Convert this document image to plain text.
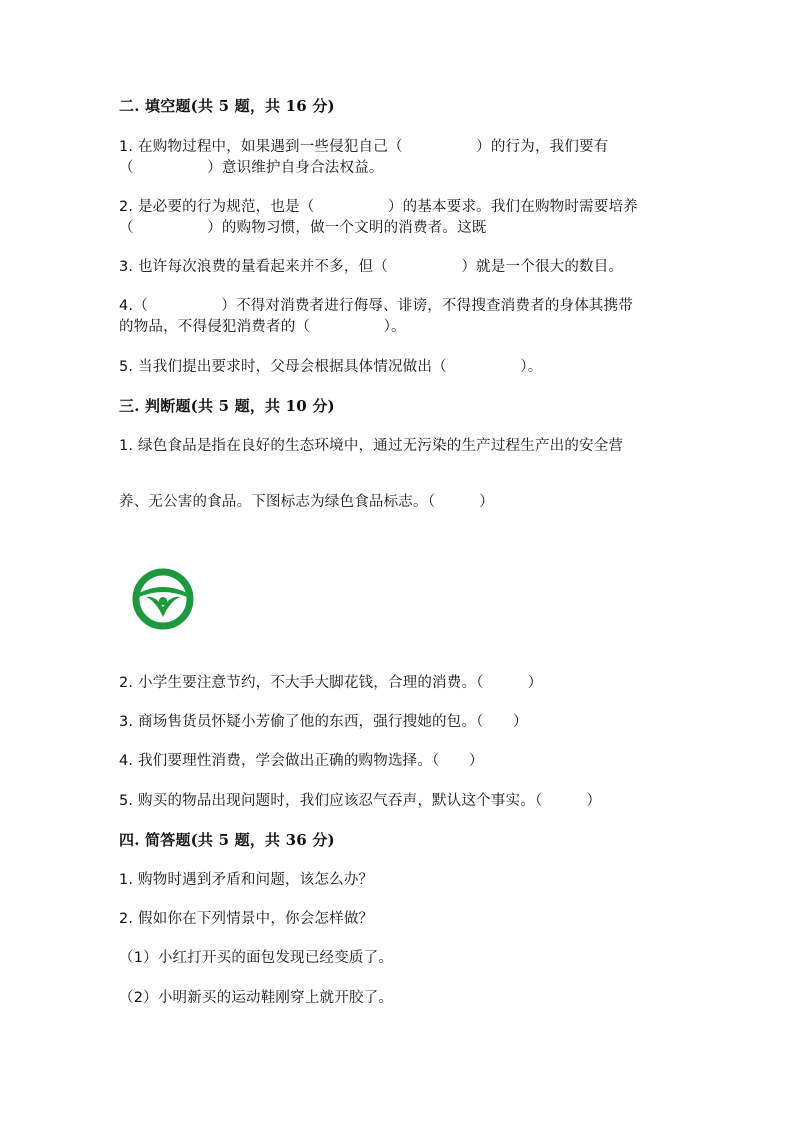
二. 填空题(共 5 题，共 16 分)
1. 在购物过程中，如果遇到一些侵犯自己（　　　　　）的行为，我们要有
（　　　　　）意识维护自身合法权益。
2. 是必要的行为规范，也是（　　　　　）的基本要求。我们在购物时需要培养
（　　　　　）的购物习惯，做一个文明的消费者。这既
3. 也许每次浪费的量看起来并不多，但（　　　　　）就是一个很大的数目。
4.（　　　　　）不得对消费者进行侮辱、诽谤，不得搜查消费者的身体其携带
的物品，不得侵犯消费者的（　　　　　）。
5. 当我们提出要求时，父母会根据具体情况做出（　　　　　）。
三. 判断题(共 5 题，共 10 分)
1. 绿色食品是指在良好的生态环境中，通过无污染的生产过程生产出的安全营
养、无公害的食品。下图标志为绿色食品标志。（　　　）
2. 小学生要注意节约，不大手大脚花钱，合理的消费。（　　　）
3. 商场售货员怀疑小芳偷了他的东西，强行搜她的包。（　　）
4. 我们要理性消费，学会做出正确的购物选择。（　　）
5. 购买的物品出现问题时，我们应该忍气吞声，默认这个事实。（　　　）
四. 简答题(共 5 题，共 36 分)
1. 购物时遇到矛盾和问题，该怎么办？
2. 假如你在下列情景中，你会怎样做？
（1）小红打开买的面包发现已经变质了。
（2）小明新买的运动鞋刚穿上就开胶了。
